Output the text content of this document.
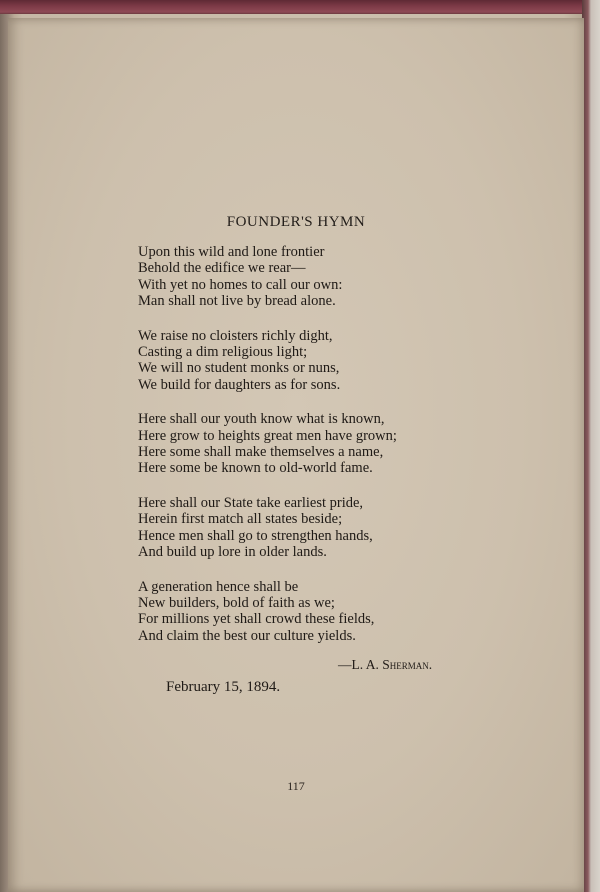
FOUNDER'S HYMN
Upon this wild and lone frontier
Behold the edifice we rear—
With yet no homes to call our own:
Man shall not live by bread alone.
We raise no cloisters richly dight,
Casting a dim religious light;
We will no student monks or nuns,
We build for daughters as for sons.
Here shall our youth know what is known,
Here grow to heights great men have grown;
Here some shall make themselves a name,
Here some be known to old-world fame.
Here shall our State take earliest pride,
Herein first match all states beside;
Hence men shall go to strengthen hands,
And build up lore in older lands.
A generation hence shall be
New builders, bold of faith as we;
For millions yet shall crowd these fields,
And claim the best our culture yields.
—L. A. Sherman.
February 15, 1894.
117
